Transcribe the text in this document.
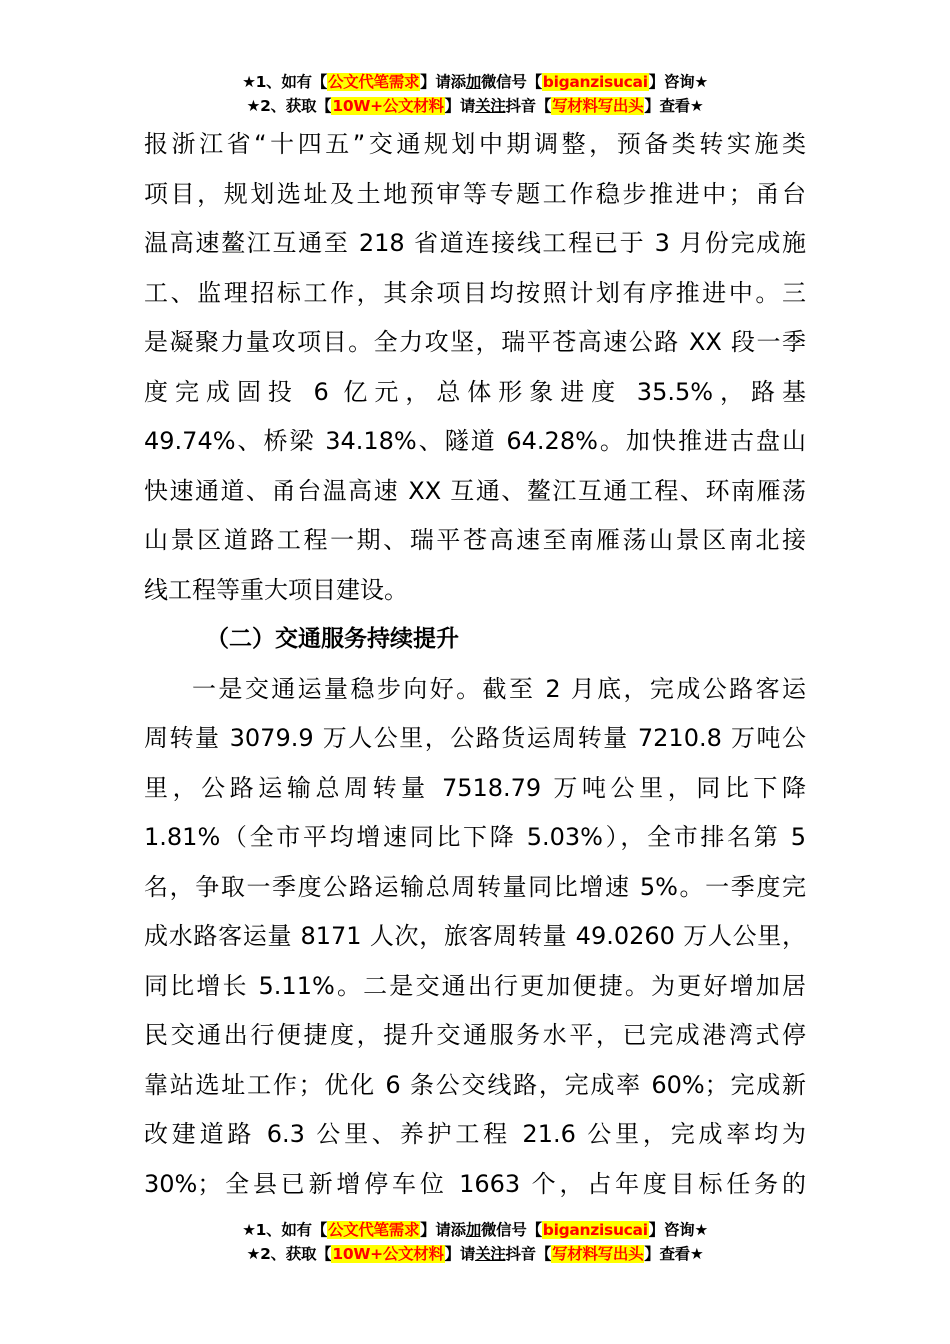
★1、如有【公文代笔需求】请添加微信号【biganzisucai】咨询★
★2、获取【10W+公文材料】请关注抖音【写材料写出头】查看★
报浙江省“十四五”交通规划中期调整，预备类转实施类
项目，规划选址及土地预审等专题工作稳步推进中；甬台
温高速鳌江互通至 218 省道连接线工程已于 3 月份完成施
工、监理招标工作，其余项目均按照计划有序推进中。三
是凝聚力量攻项目。全力攻坚，瑞平苍高速公路 XX 段一季
度完成固投 6 亿元，总体形象进度 35.5%，路基
49.74%、桥梁 34.18%、隧道 64.28%。加快推进古盘山
快速通道、甬台温高速 XX 互通、鳌江互通工程、环南雁荡
山景区道路工程一期、瑞平苍高速至南雁荡山景区南北接
线工程等重大项目建设。
（二）交通服务持续提升
一是交通运量稳步向好。截至 2 月底，完成公路客运
周转量 3079.9 万人公里，公路货运周转量 7210.8 万吨公
里，公路运输总周转量 7518.79 万吨公里，同比下降
1.81%（全市平均增速同比下降 5.03%），全市排名第 5
名，争取一季度公路运输总周转量同比增速 5%。一季度完
成水路客运量 8171 人次，旅客周转量 49.0260 万人公里，
同比增长 5.11%。二是交通出行更加便捷。为更好增加居
民交通出行便捷度，提升交通服务水平，已完成港湾式停
靠站选址工作；优化 6 条公交线路，完成率 60%；完成新
改建道路 6.3 公里、养护工程 21.6 公里，完成率均为
30%；全县已新增停车位 1663 个，占年度目标任务的
★1、如有【公文代笔需求】请添加微信号【biganzisucai】咨询★
★2、获取【10W+公文材料】请关注抖音【写材料写出头】查看★
